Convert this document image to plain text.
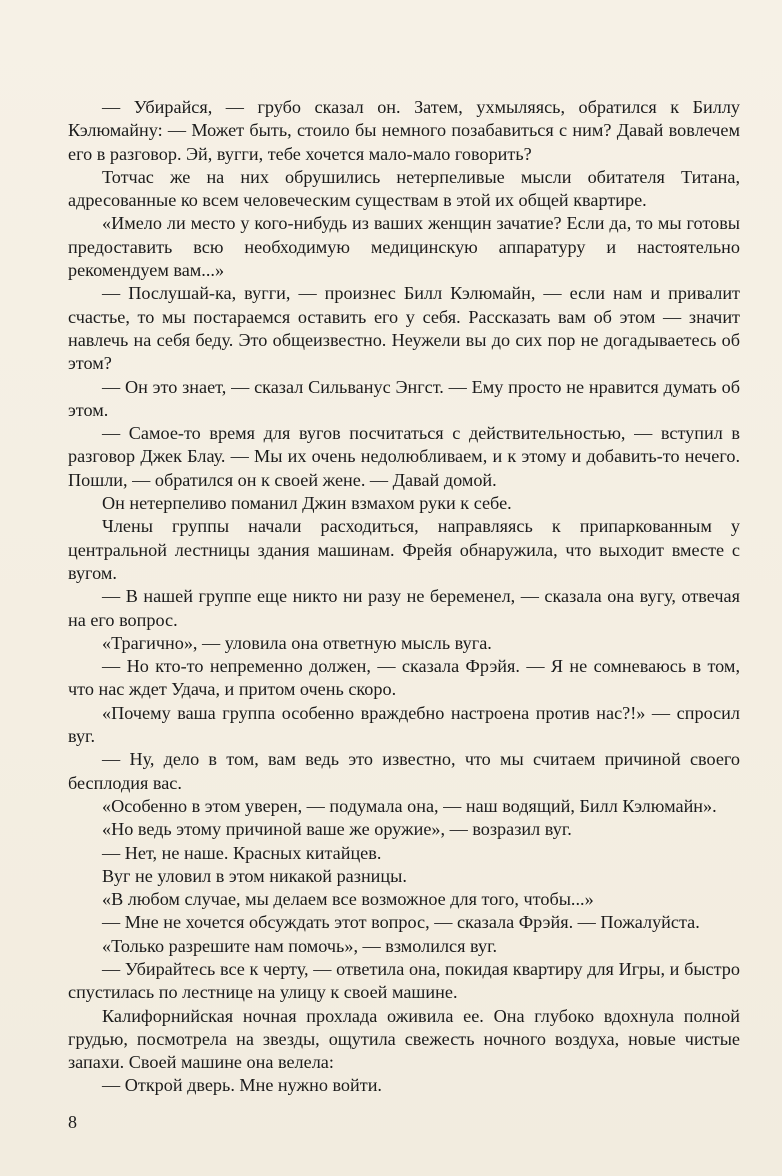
— Убирайся, — грубо сказал он. Затем, ухмыляясь, обратился к Биллу Кэлюмайну: — Может быть, стоило бы немного позабавиться с ним? Давай вовлечем его в разговор. Эй, вугги, тебе хочется мало-мало говорить?

Тотчас же на них обрушились нетерпеливые мысли обитателя Титана, адресованные ко всем человеческим существам в этой их общей квартире.

«Имело ли место у кого-нибудь из ваших женщин зачатие? Если да, то мы готовы предоставить всю необходимую медицинскую аппаратуру и настоятельно рекомендуем вам...»

— Послушай-ка, вугги, — произнес Билл Кэлюмайн, — если нам и привалит счастье, то мы постараемся оставить его у себя. Рассказать вам об этом — значит навлечь на себя беду. Это общеизвестно. Неужели вы до сих пор не догадываетесь об этом?

— Он это знает, — сказал Сильванус Энгст. — Ему просто не нравится думать об этом.

— Самое-то время для вугов посчитаться с действительностью, — вступил в разговор Джек Блау. — Мы их очень недолюбливаем, и к этому и добавить-то нечего. Пошли, — обратился он к своей жене. — Давай домой.

Он нетерпеливо поманил Джин взмахом руки к себе.

Члены группы начали расходиться, направляясь к припаркованным у центральной лестницы здания машинам. Фрейя обнаружила, что выходит вместе с вугом.

— В нашей группе еще никто ни разу не беременел, — сказала она вугу, отвечая на его вопрос.

«Трагично», — уловила она ответную мысль вуга.

— Но кто-то непременно должен, — сказала Фрэйя. — Я не сомневаюсь в том, что нас ждет Удача, и притом очень скоро.

«Почему ваша группа особенно враждебно настроена против нас?!» — спросил вуг.

— Ну, дело в том, вам ведь это известно, что мы считаем причиной своего бесплодия вас.

«Особенно в этом уверен, — подумала она, — наш водящий, Билл Кэлюмайн».

«Но ведь этому причиной ваше же оружие», — возразил вуг.

— Нет, не наше. Красных китайцев.

Вуг не уловил в этом никакой разницы.

«В любом случае, мы делаем все возможное для того, чтобы...»

— Мне не хочется обсуждать этот вопрос, — сказала Фрэйя. — Пожалуйста.

«Только разрешите нам помочь», — взмолился вуг.

— Убирайтесь все к черту, — ответила она, покидая квартиру для Игры, и быстро спустилась по лестнице на улицу к своей машине.

Калифорнийская ночная прохлада оживила ее. Она глубоко вдохнула полной грудью, посмотрела на звезды, ощутила свежесть ночного воздуха, новые чистые запахи. Своей машине она велела:

— Открой дверь. Мне нужно войти.

8
